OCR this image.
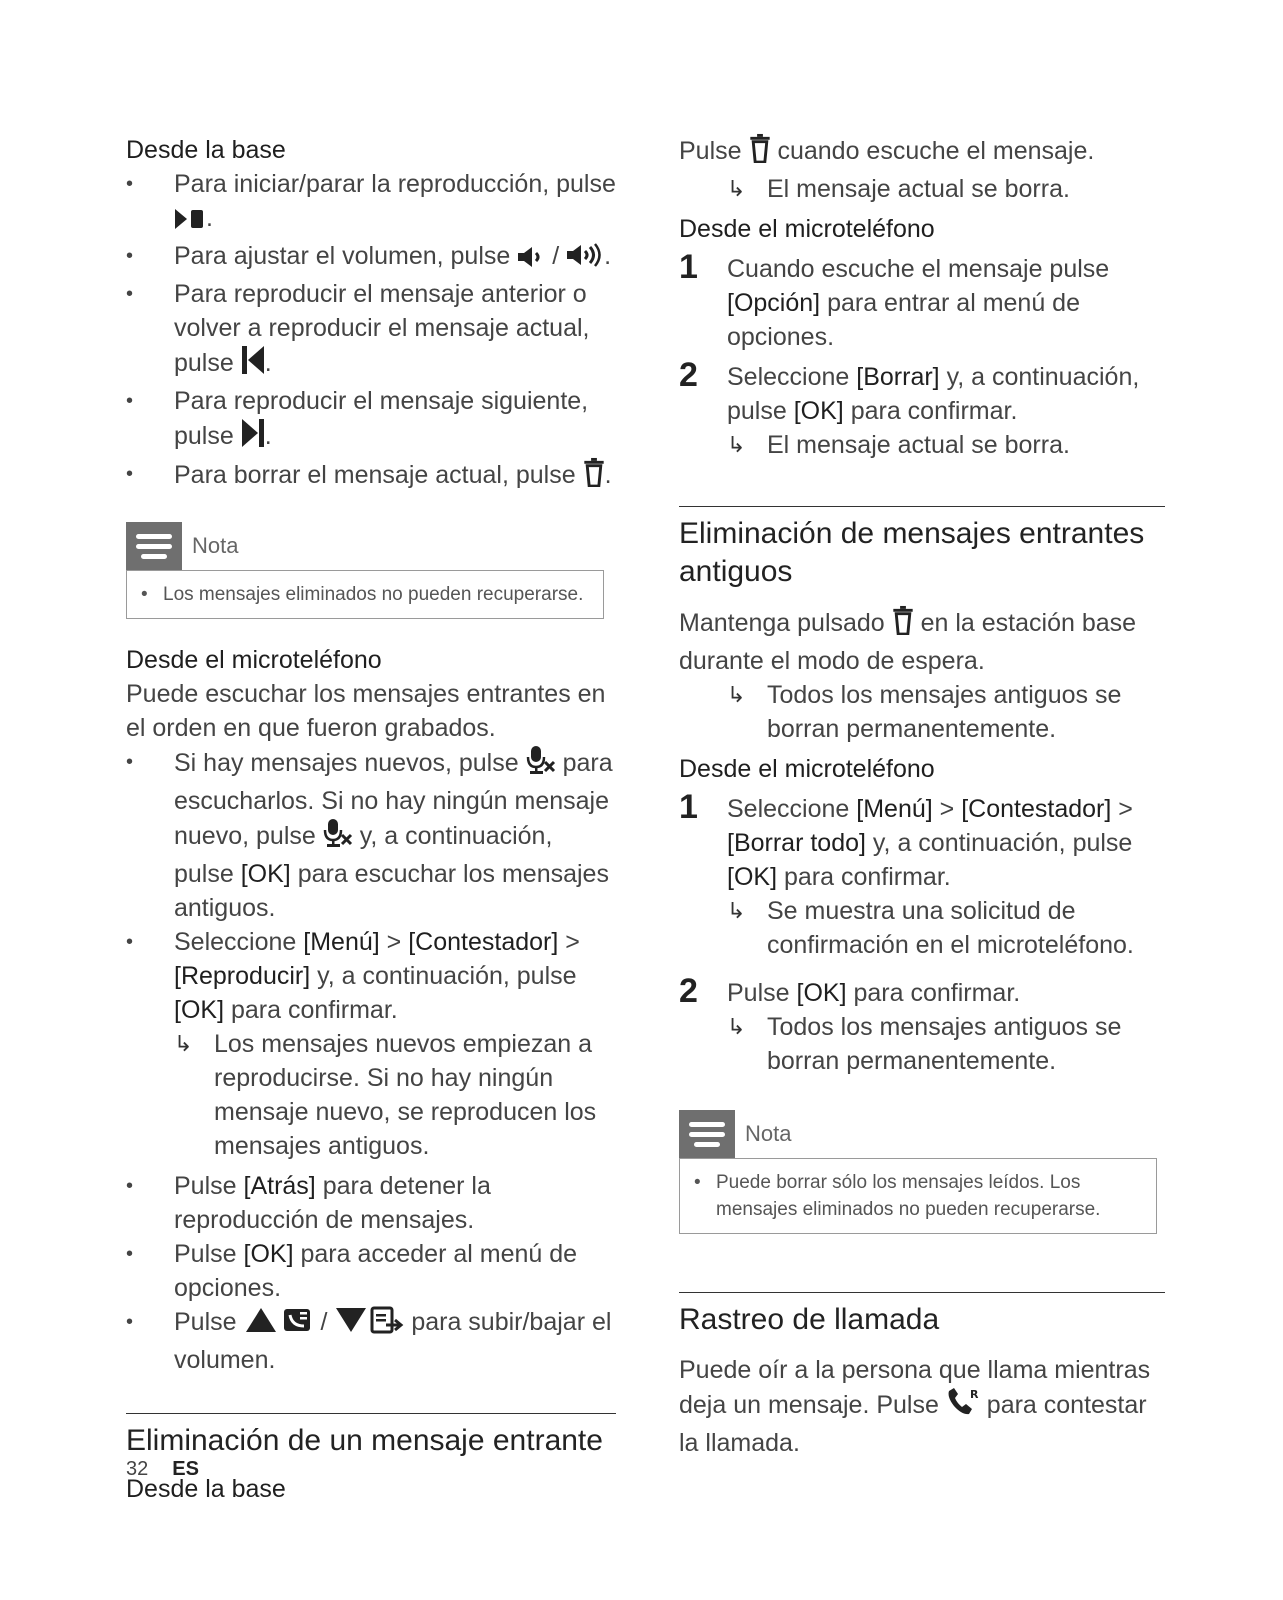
Desde la base
• Para iniciar/parar la reproducción, pulse
.
• Para ajustar el volumen, pulse / .
• Para reproducir el mensaje anterior o volver a reproducir el mensaje actual, pulse .
• Para reproducir el mensaje siguiente, pulse .
• Para borrar el mensaje actual, pulse .
Nota
• Los mensajes eliminados no pueden recuperarse.
Desde el microteléfono

Puede escuchar los mensajes entrantes en el orden en que fueron grabados.

• Si hay mensajes nuevos, pulse para escucharlos. Si no hay ningún mensaje nuevo, pulse y, a continuación, pulse [OK] para escuchar los mensajes antiguos.
• Seleccione [Menú] > [Contestador] > [Reproducir] y, a continuación, pulse [OK] para confirmar.
↳ Los mensajes nuevos empiezan a reproducirse. Si no hay ningún mensaje nuevo, se reproducen los mensajes antiguos.
• Pulse [Atrás] para detener la reproducción de mensajes.
• Pulse [OK] para acceder al menú de opciones.
• Pulse	/	para subir/bajar el volumen.
Eliminación de un mensaje entrante
Desde la base

Pulse cuando escuche el mensaje.

↳ El mensaje actual se borra.
Desde el microteléfono
1 Cuando escuche el mensaje pulse [Opción] para entrar al menú de opciones.
2 Seleccione [Borrar] y, a continuación, pulse [OK] para confirmar.
↳ El mensaje actual se borra.
Eliminación de mensajes entrantes antiguos

Mantenga pulsado en la estación base durante el modo de espera.

↳ Todos los mensajes antiguos se borran permanentemente.
Desde el microteléfono
1 Seleccione [Menú] > [Contestador] > [Borrar todo] y, a continuación, pulse [OK] para confirmar.
↳ Se muestra una solicitud de confirmación en el microteléfono.
2 Pulse [OK] para confirmar.
↳ Todos los mensajes antiguos se borran permanentemente.
Nota
• Puede borrar sólo los mensajes leídos. Los mensajes eliminados no pueden recuperarse.
Rastreo de llamada

Puede oír a la persona que llama mientras deja un mensaje. Pulse	R para contestar la llamada.

32 ES
